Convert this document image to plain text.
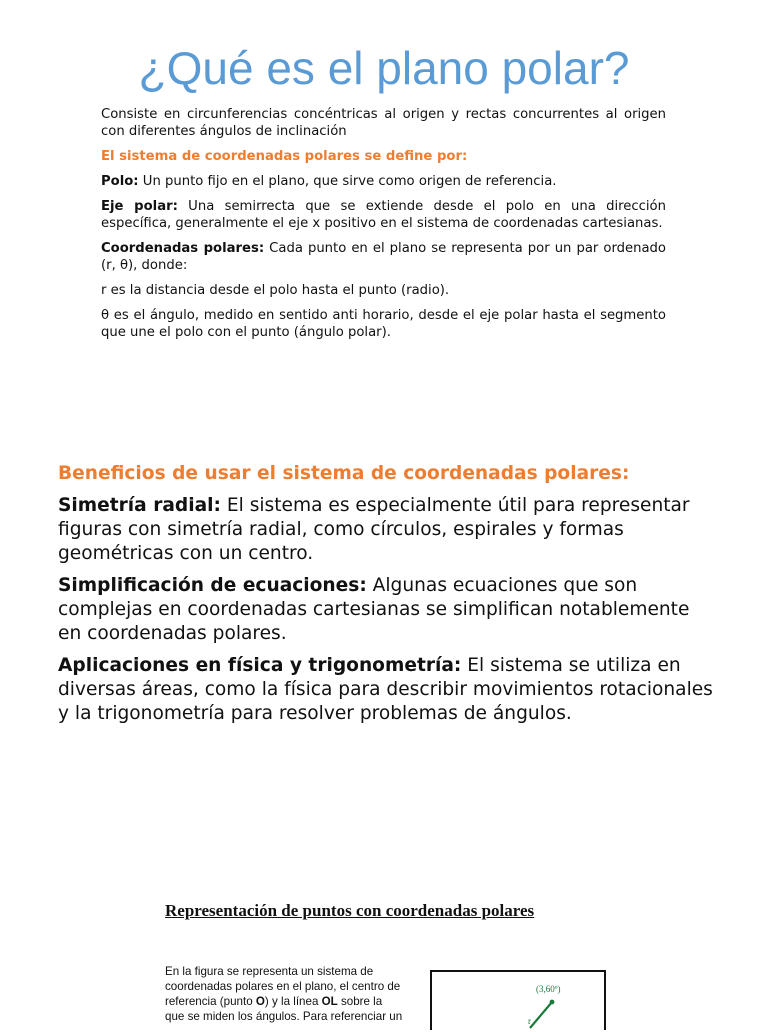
¿Qué es el plano polar?

Consiste en circunferencias concéntricas al origen y rectas concurrentes al origen con diferentes ángulos de inclinación

El sistema de coordenadas polares se define por:

Polo: Un punto fijo en el plano, que sirve como origen de referencia.

Eje polar: Una semirrecta que se extiende desde el polo en una dirección específica, generalmente el eje x positivo en el sistema de coordenadas cartesianas.

Coordenadas polares: Cada punto en el plano se representa por un par ordenado (r, θ), donde:

r es la distancia desde el polo hasta el punto (radio).

θ es el ángulo, medido en sentido anti horario, desde el eje polar hasta el segmento que une el polo con el punto (ángulo polar).

Beneficios de usar el sistema de coordenadas polares:

Simetría radial: El sistema es especialmente útil para representar figuras con simetría radial, como círculos, espirales y formas geométricas con un centro.

Simplificación de ecuaciones: Algunas ecuaciones que son complejas en coordenadas cartesianas se simplifican notablemente en coordenadas polares.

Aplicaciones en física y trigonometría: El sistema se utiliza en diversas áreas, como la física para describir movimientos rotacionales y la trigonometría para resolver problemas de ángulos.

Representación de puntos con coordenadas polares

En la figura se representa un sistema de

coordenadas polares en el plano, el centro de

referencia (punto O) y la línea OL sobre la

que se miden los ángulos. Para referenciar un

(3,60º)
r
